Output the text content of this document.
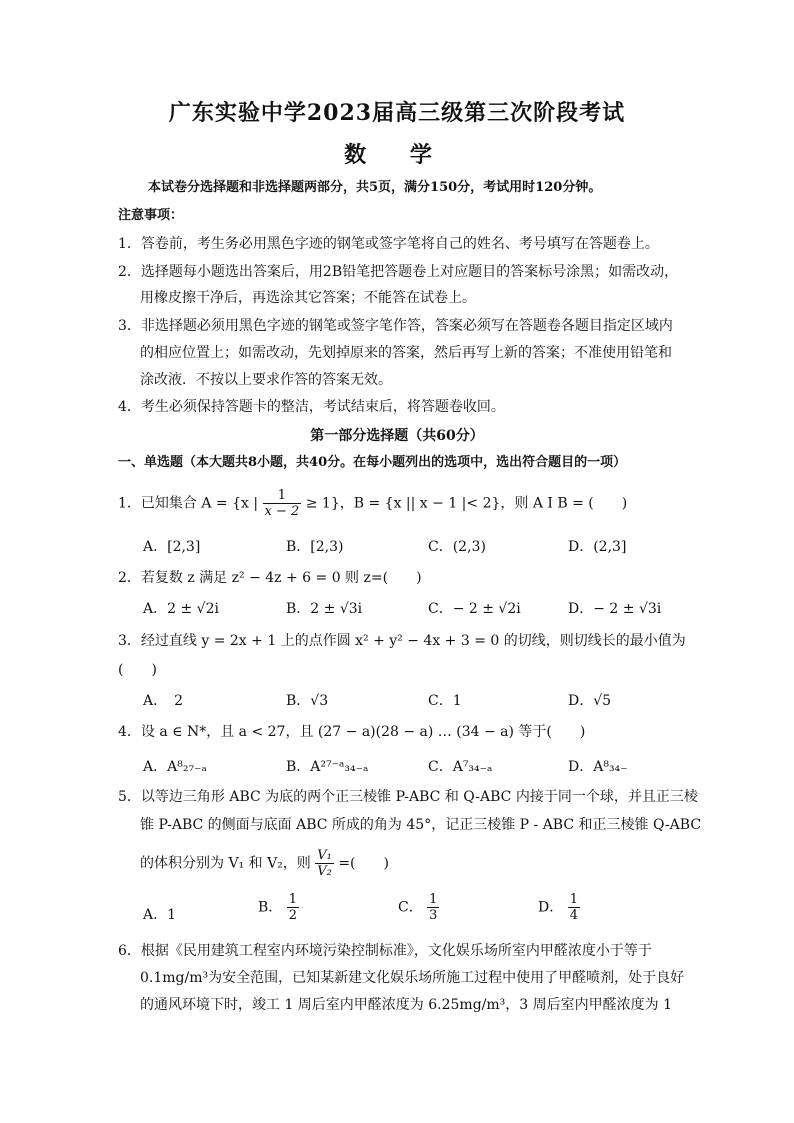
广东实验中学2023届高三级第三次阶段考试
数 学
本试卷分选择题和非选择题两部分，共5页，满分150分，考试用时120分钟。
注意事项：
1．答卷前，考生务必用黑色字迹的钢笔或签字笔将自己的姓名、考号填写在答题卷上。
2．选择题每小题选出答案后，用2B铅笔把答题卷上对应题目的答案标号涂黑；如需改动，
用橡皮擦干净后，再选涂其它答案；不能答在试卷上。
3．非选择题必须用黑色字迹的钢笔或签字笔作答，答案必须写在答题卷各题目指定区域内
的相应位置上；如需改动，先划掉原来的答案，然后再写上新的答案；不准使用铅笔和
涂改液．不按以上要求作答的答案无效。
4．考生必须保持答题卡的整洁，考试结束后，将答题卷收回。
第一部分选择题（共60分）
一、单选题（本大题共8小题，共40分。在每小题列出的选项中，选出符合题目的一项）
1．已知集合 A = {x | $\frac{1}{x - 2} \ge 1$}，B = {x || x − 1 |< 2}，则 A I B = (　　)
A．[2,3]	B．[2,3)	C．(2,3)	D．(2,3]
2．若复数 z 满足 z² − 4z + 6 = 0 则 z=(　　)
A．2 ± √2i	B．2 ± √3i	C．− 2 ± √2i	D．− 2 ± √3i
3．经过直线 y = 2x + 1 上的点作圆 x² + y² − 4x + 3 = 0 的切线，则切线长的最小值为
(　　)
A．　2	B．√3	C．1	D．√5
4．设 a ∈ N*，且 a < 27，且 (27 − a)(28 − a) … (34 − a) 等于(　　)
A．A⁸₂₇₋ₐ	B．A²⁷⁻ᵃ₃₄₋ₐ	C．A⁷₃₄₋ₐ	D．A⁸₃₄₋
5．以等边三角形 ABC 为底的两个正三棱锥 P-ABC 和 Q-ABC 内接于同一个球，并且正三棱
锥 P-ABC 的侧面与底面 ABC 所成的角为 45°，记正三棱锥 P - ABC 和正三棱锥 Q-ABC
的体积分别为 V₁ 和 V₂，则 $\frac{\text{V₁}}{\text{V₂}}$ =(　　)
A．1	B． $\frac{1}{2}$	C． $\frac{1}{3}$	D． $\frac{1}{4}$
6．根据《民用建筑工程室内环境污染控制标准》，文化娱乐场所室内甲醛浓度小于等于
0.1mg/m³为安全范围，已知某新建文化娱乐场所施工过程中使用了甲醛喷剂，处于良好
的通风环境下时，竣工 1 周后室内甲醛浓度为 6.25mg/m³，3 周后室内甲醛浓度为 1
